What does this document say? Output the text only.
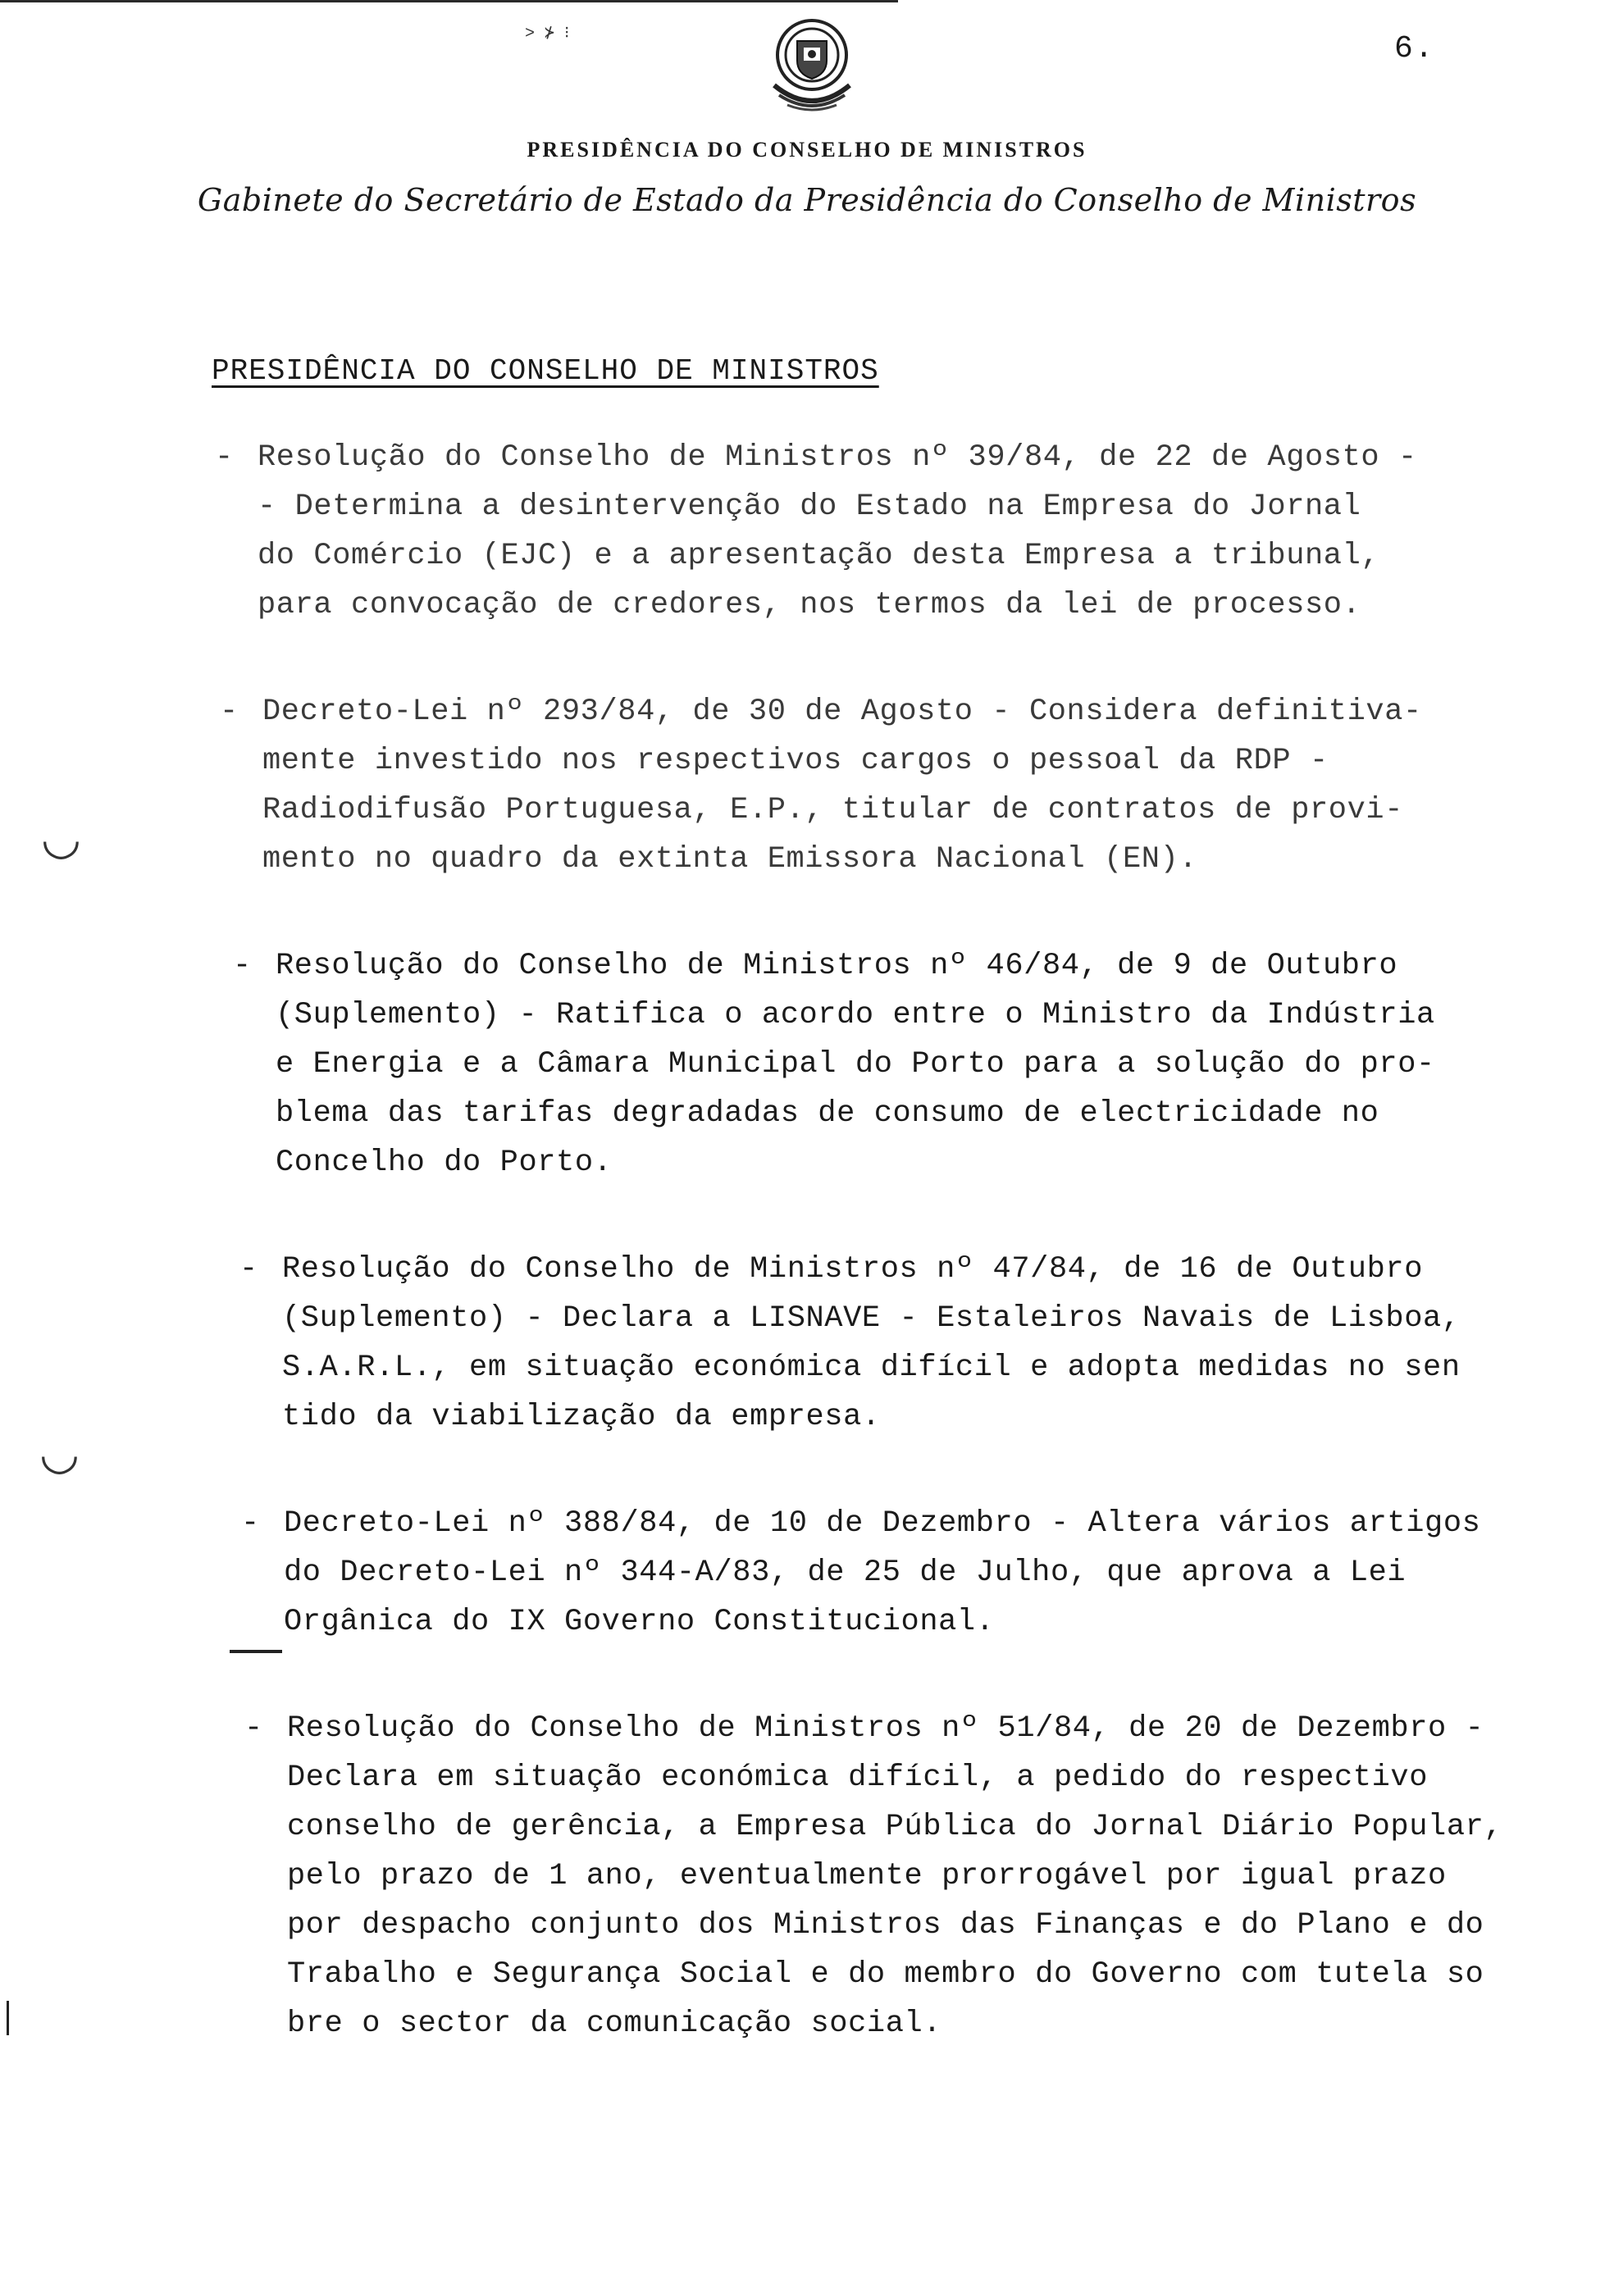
> ⊁ ⁝	6.
PRESIDÊNCIA DO CONSELHO DE MINISTROS
Gabinete do Secretário de Estado da Presidência do Conselho de Ministros
PRESIDÊNCIA DO CONSELHO DE MINISTROS
- Resolução do Conselho de Ministros nº 39/84, de 22 de Agosto -
- Determina a desintervenção do Estado na Empresa do Jornal
do Comércio (EJC) e a apresentação desta Empresa a tribunal,
para convocação de credores, nos termos da lei de processo.
- Decreto-Lei nº 293/84, de 30 de Agosto - Considera definitiva-
mente investido nos respectivos cargos o pessoal da RDP -
Radiodifusão Portuguesa, E.P., titular de contratos de provi-
mento no quadro da extinta Emissora Nacional (EN).
- Resolução do Conselho de Ministros nº 46/84, de 9 de Outubro
(Suplemento) - Ratifica o acordo entre o Ministro da Indústria
e Energia e a Câmara Municipal do Porto para a solução do pro-
blema das tarifas degradadas de consumo de electricidade no
Concelho do Porto.
- Resolução do Conselho de Ministros nº 47/84, de 16 de Outubro
(Suplemento) - Declara a LISNAVE - Estaleiros Navais de Lisboa,
S.A.R.L., em situação económica difícil e adopta medidas no sen
tido da viabilização da empresa.
- Decreto-Lei nº 388/84, de 10 de Dezembro - Altera vários artigos
do Decreto-Lei nº 344-A/83, de 25 de Julho, que aprova a Lei
Orgânica do IX Governo Constitucional.
- Resolução do Conselho de Ministros nº 51/84, de 20 de Dezembro -
Declara em situação económica difícil, a pedido do respectivo
conselho de gerência, a Empresa Pública do Jornal Diário Popular,
pelo prazo de 1 ano, eventualmente prorrogável por igual prazo
por despacho conjunto dos Ministros das Finanças e do Plano e do
Trabalho e Segurança Social e do membro do Governo com tutela so
bre o sector da comunicação social.
◡
◡
